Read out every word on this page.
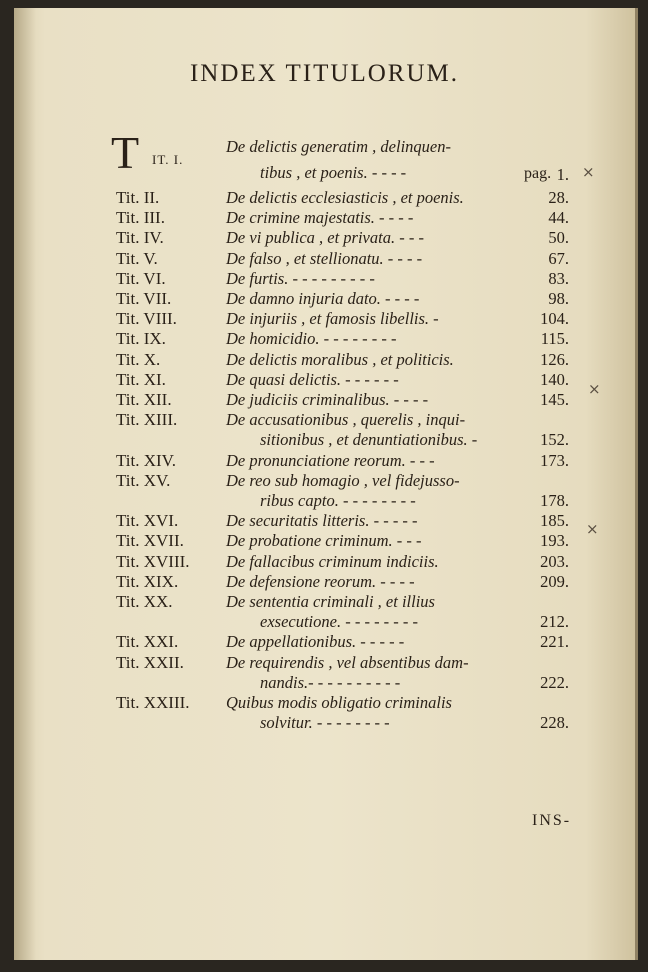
INDEX TITULORUM.
T IT. I.
De delictis generatim , delinquen-
tibus , et poenis. - - - -	pag. 1.
Tit. II.	De delictis ecclesiasticis , et poenis.	28.
Tit. III.	De crimine majestatis. - - - -	44.
Tit. IV.	De vi publica , et privata. - - -	50.
Tit. V.	De falso , et stellionatu. - - - -	67.
Tit. VI.	De furtis. - - - - - - - - -	83.
Tit. VII.	De damno injuria dato. - - - -	98.
Tit. VIII.	De injuriis , et famosis libellis. -	104.
Tit. IX.	De homicidio. - - - - - - - -	115.
Tit. X.	De delictis moralibus , et politicis.	126.
Tit. XI.	De quasi delictis. - - - - - -	140.
Tit. XII.	De judiciis criminalibus. - - - -	145.
Tit. XIII.	De accusationibus , querelis , inqui-
sitionibus , et denuntiationibus. -	152.
Tit. XIV.	De pronunciatione reorum. - - -	173.
Tit. XV.	De reo sub homagio , vel fidejusso-
ribus capto. - - - - - - - -	178.
Tit. XVI.	De securitatis litteris. - - - - -	185.
Tit. XVII.	De probatione criminum. - - -	193.
Tit. XVIII. De fallacibus criminum indiciis.	203.
Tit. XIX.	De defensione reorum. - - - -	209.
Tit. XX.	De sententia criminali , et illius
exsecutione. - - - - - - - -	212.
Tit. XXI.	De appellationibus. - - - - -	221.
Tit. XXII.	De requirendis , vel absentibus dam-
nandis.- - - - - - - - - -	222.
Tit. XXIII. Quibus modis obligatio criminalis
solvitur. - - - - - - - -	228.
×
×
×
INS-
